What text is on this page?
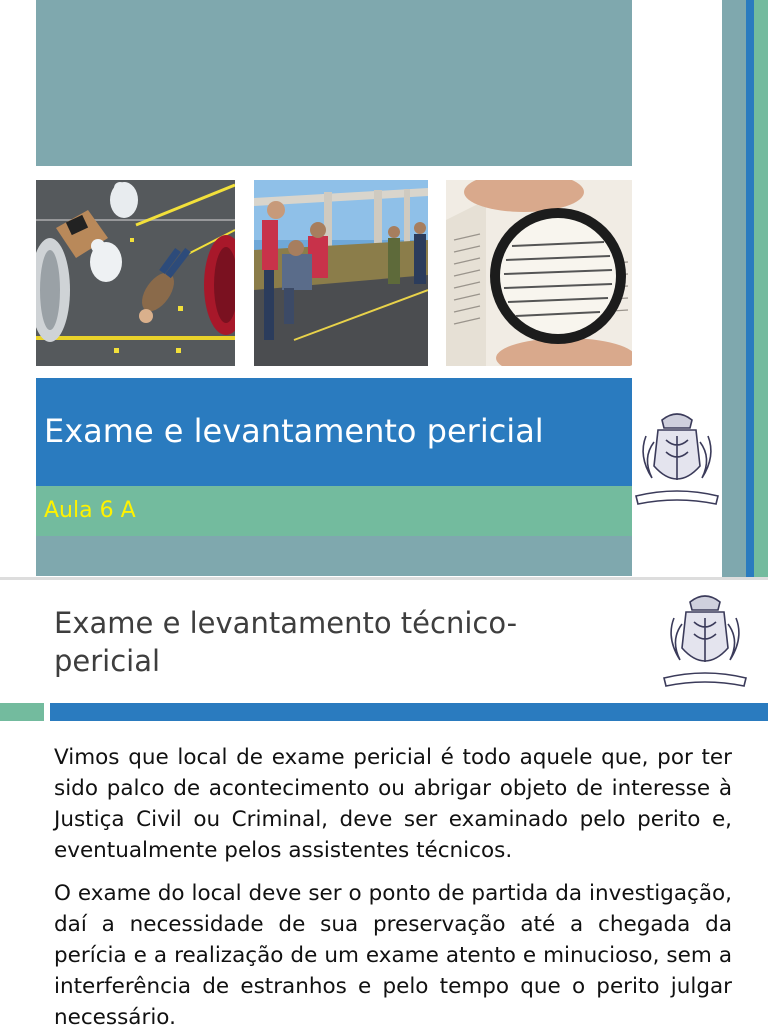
Exame e levantamento pericial
Aula 6 A
Exame e levantamento técnico-pericial
Vimos que local de exame pericial é todo aquele que, por ter sido palco de acontecimento ou abrigar objeto de interesse à Justiça Civil ou Criminal, deve ser examinado pelo perito e, eventualmente pelos assistentes técnicos.
O exame do local deve ser o ponto de partida da investigação, daí a necessidade de sua preservação até a chegada da perícia e a realização de um exame atento e minucioso, sem a interferência de estranhos e pelo tempo que o perito julgar necessário.
